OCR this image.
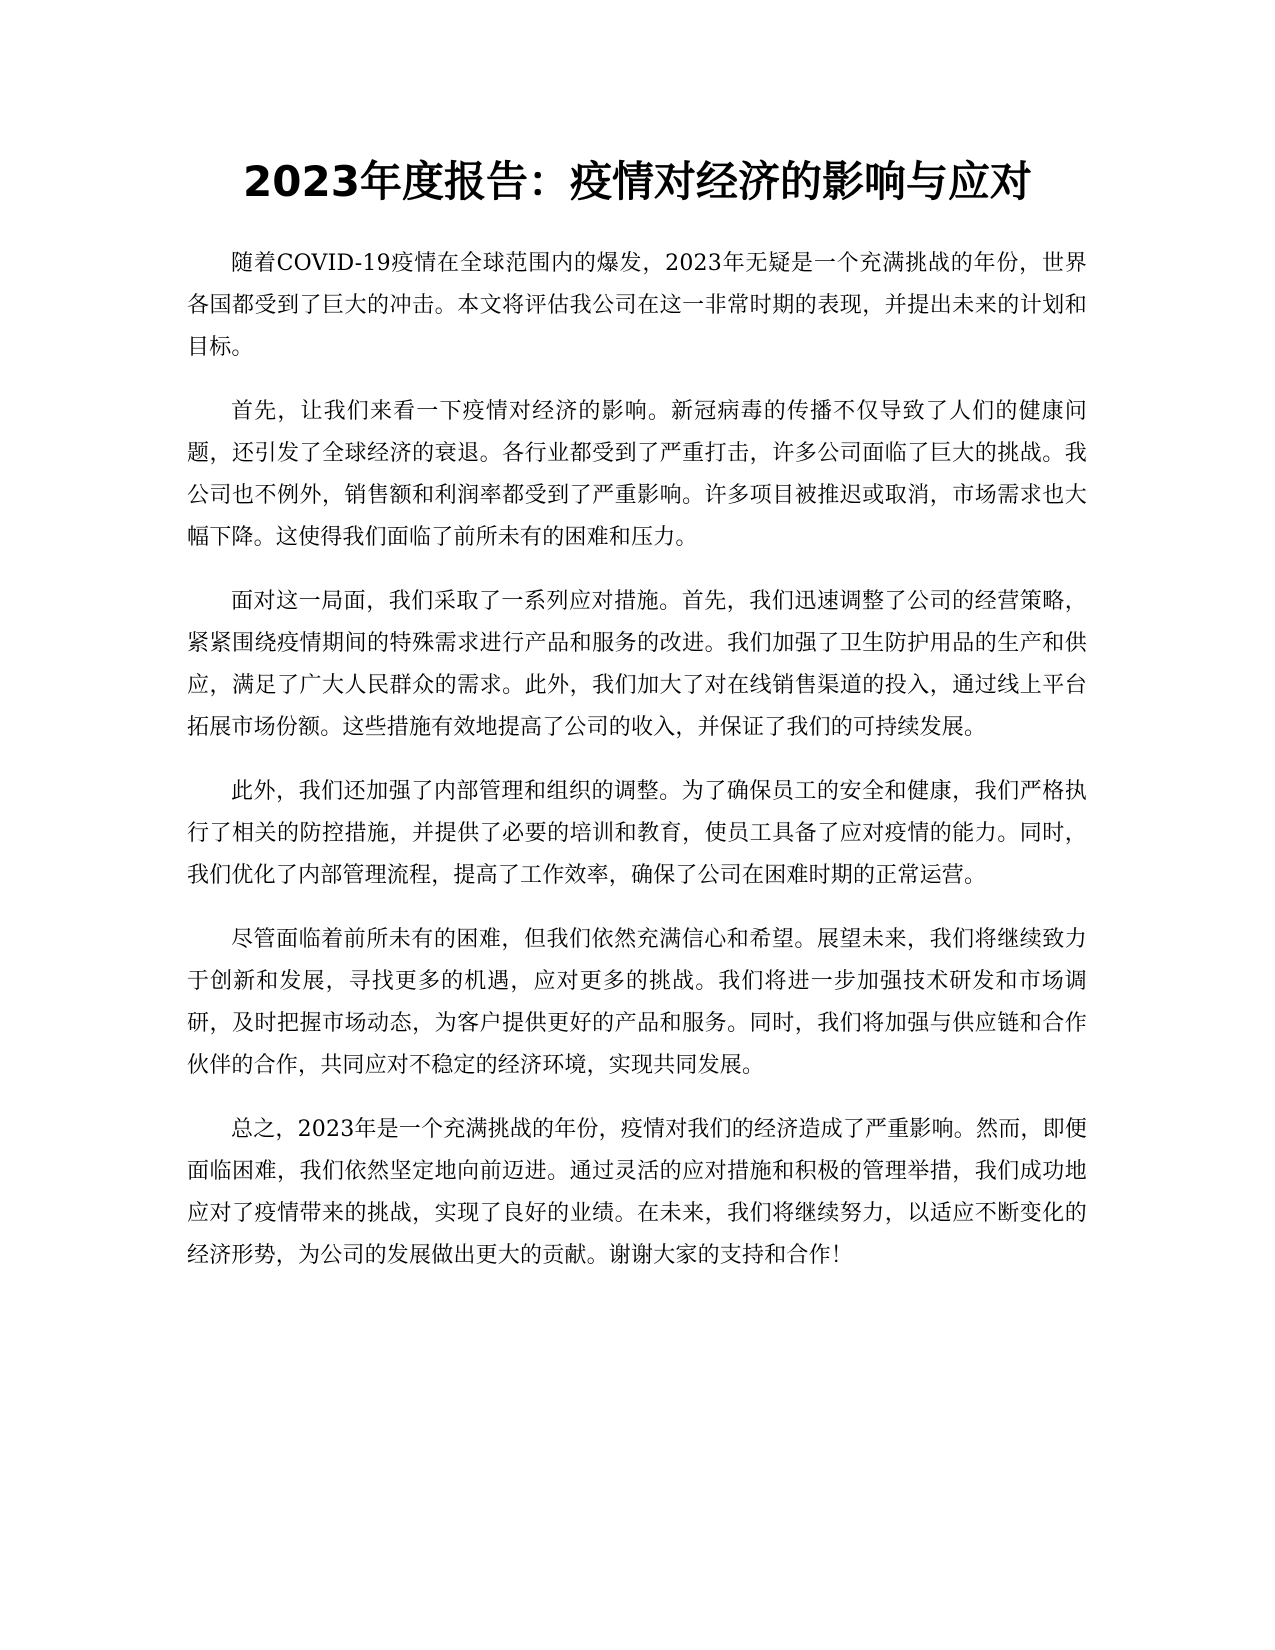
2023年度报告：疫情对经济的影响与应对

随着COVID-19疫情在全球范围内的爆发，2023年无疑是一个充满挑战的年份，世界各国都受到了巨大的冲击。本文将评估我公司在这一非常时期的表现，并提出未来的计划和目标。

首先，让我们来看一下疫情对经济的影响。新冠病毒的传播不仅导致了人们的健康问题，还引发了全球经济的衰退。各行业都受到了严重打击，许多公司面临了巨大的挑战。我公司也不例外，销售额和利润率都受到了严重影响。许多项目被推迟或取消，市场需求也大幅下降。这使得我们面临了前所未有的困难和压力。

面对这一局面，我们采取了一系列应对措施。首先，我们迅速调整了公司的经营策略，紧紧围绕疫情期间的特殊需求进行产品和服务的改进。我们加强了卫生防护用品的生产和供应，满足了广大人民群众的需求。此外，我们加大了对在线销售渠道的投入，通过线上平台拓展市场份额。这些措施有效地提高了公司的收入，并保证了我们的可持续发展。

此外，我们还加强了内部管理和组织的调整。为了确保员工的安全和健康，我们严格执行了相关的防控措施，并提供了必要的培训和教育，使员工具备了应对疫情的能力。同时，我们优化了内部管理流程，提高了工作效率，确保了公司在困难时期的正常运营。

尽管面临着前所未有的困难，但我们依然充满信心和希望。展望未来，我们将继续致力于创新和发展，寻找更多的机遇，应对更多的挑战。我们将进一步加强技术研发和市场调研，及时把握市场动态，为客户提供更好的产品和服务。同时，我们将加强与供应链和合作伙伴的合作，共同应对不稳定的经济环境，实现共同发展。

总之，2023年是一个充满挑战的年份，疫情对我们的经济造成了严重影响。然而，即便面临困难，我们依然坚定地向前迈进。通过灵活的应对措施和积极的管理举措，我们成功地应对了疫情带来的挑战，实现了良好的业绩。在未来，我们将继续努力，以适应不断变化的经济形势，为公司的发展做出更大的贡献。谢谢大家的支持和合作！
